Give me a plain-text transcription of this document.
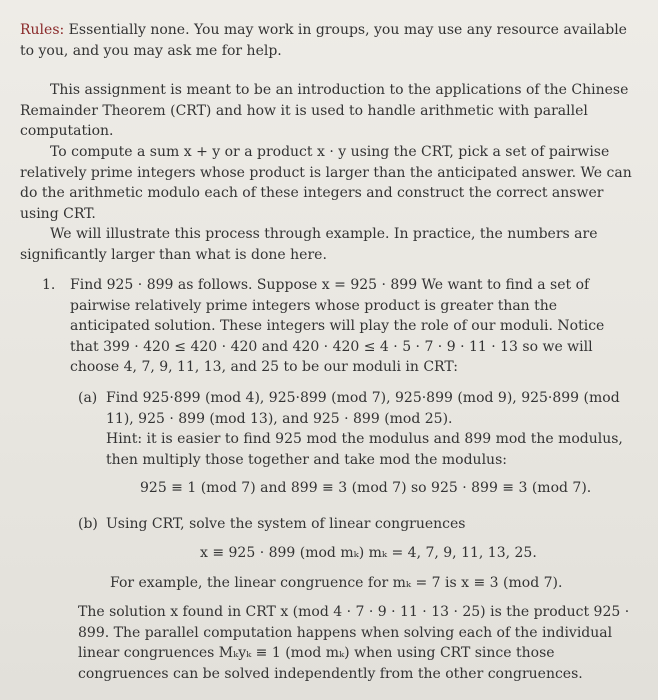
Rules: Essentially none. You may work in groups, you may use any resource available to you, and you may ask me for help.

This assignment is meant to be an introduction to the applications of the Chinese Remainder Theorem (CRT) and how it is used to handle arithmetic with parallel computation.

To compute a sum x + y or a product x · y using the CRT, pick a set of pairwise relatively prime integers whose product is larger than the anticipated answer. We can do the arithmetic modulo each of these integers and construct the correct answer using CRT.

We will illustrate this process through example. In practice, the numbers are significantly larger than what is done here.

1. Find 925 · 899 as follows. Suppose x = 925 · 899 We want to find a set of pairwise relatively prime integers whose product is greater than the anticipated solution. These integers will play the role of our moduli. Notice that 399 · 420 ≤ 420 · 420 and 420 · 420 ≤ 4 · 5 · 7 · 9 · 11 · 13 so we will choose 4, 7, 9, 11, 13, and 25 to be our moduli in CRT:
(a) Find 925·899 (mod 4), 925·899 (mod 7), 925·899 (mod 9), 925·899 (mod 11), 925 · 899 (mod 13), and 925 · 899 (mod 25).
Hint: it is easier to find 925 mod the modulus and 899 mod the modulus, then multiply those together and take mod the modulus:
925 ≡ 1 (mod 7) and 899 ≡ 3 (mod 7) so 925 · 899 ≡ 3 (mod 7).
(b) Using CRT, solve the system of linear congruences
x ≡ 925 · 899 (mod mₖ) mₖ = 4, 7, 9, 11, 13, 25.
For example, the linear congruence for mₖ = 7 is x ≡ 3 (mod 7).
The solution x found in CRT x (mod 4 · 7 · 9 · 11 · 13 · 25) is the product 925 · 899. The parallel computation happens when solving each of the individual linear congruences Mₖyₖ ≡ 1 (mod mₖ) when using CRT since those congruences can be solved independently from the other congruences.
